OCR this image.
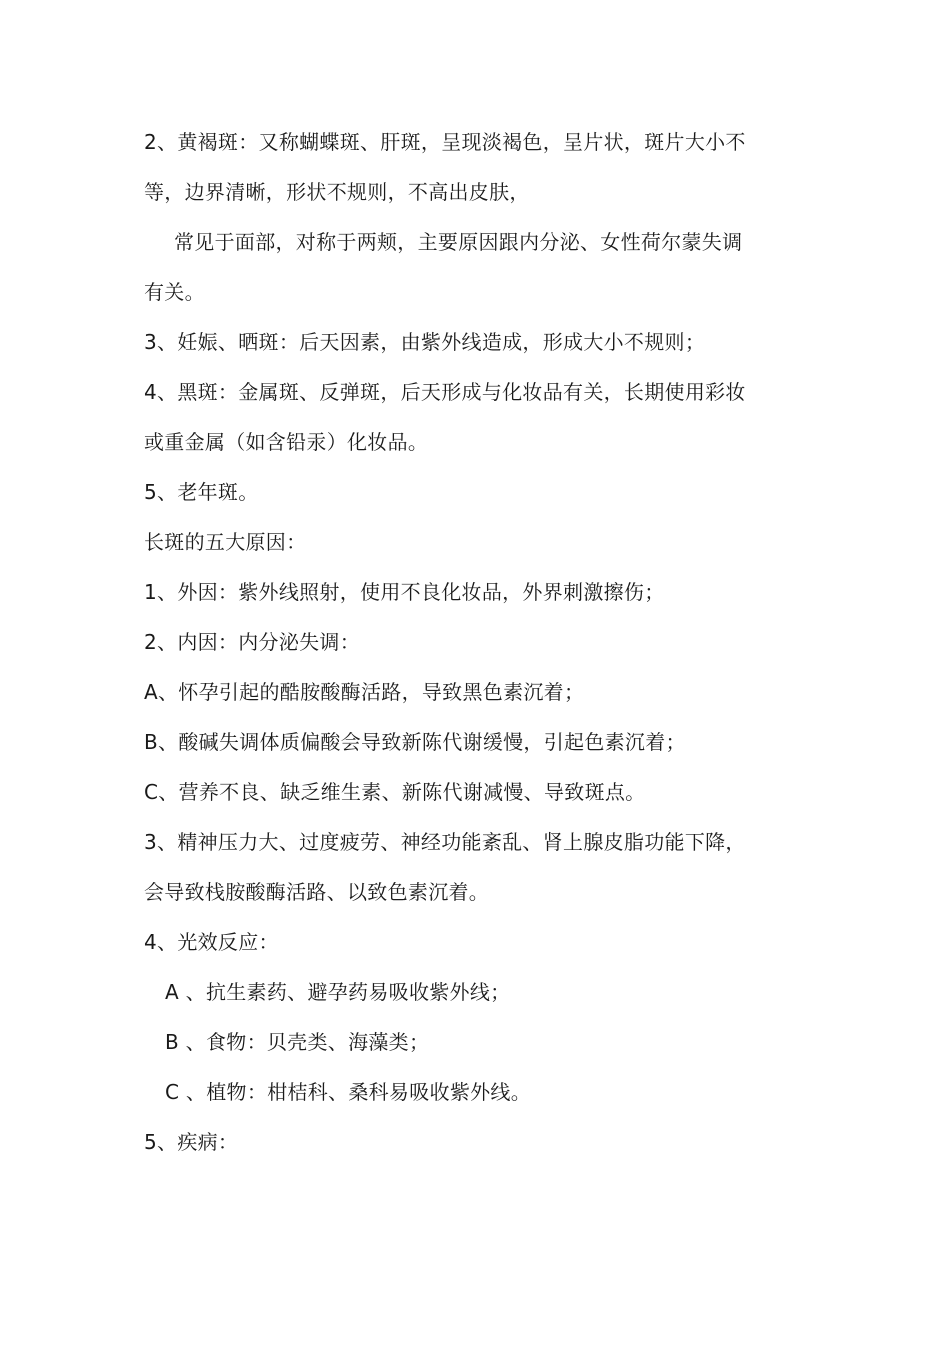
2、黄褐斑：又称蝴蝶斑、肝斑，呈现淡褐色，呈片状，斑片大小不
等，边界清晰，形状不规则，不高出皮肤，
常见于面部，对称于两颊，主要原因跟内分泌、女性荷尔蒙失调
有关。
3、妊娠、晒斑：后天因素，由紫外线造成，形成大小不规则；
4、黑斑：金属斑、反弹斑，后天形成与化妆品有关，长期使用彩妆
或重金属（如含铅汞）化妆品。
5、老年斑。
长斑的五大原因：
1、外因：紫外线照射，使用不良化妆品，外界刺激擦伤；
2、内因：内分泌失调：
A、怀孕引起的酷胺酸酶活路，导致黑色素沉着；
B、酸碱失调体质偏酸会导致新陈代谢缓慢，引起色素沉着；
C、营养不良、缺乏维生素、新陈代谢减慢、导致斑点。
3、精神压力大、过度疲劳、神经功能紊乱、肾上腺皮脂功能下降，
会导致栈胺酸酶活路、以致色素沉着。
4、光效反应：
A 、抗生素药、避孕药易吸收紫外线；
B 、食物：贝壳类、海藻类；
C 、植物：柑桔科、桑科易吸收紫外线。
5、疾病：
